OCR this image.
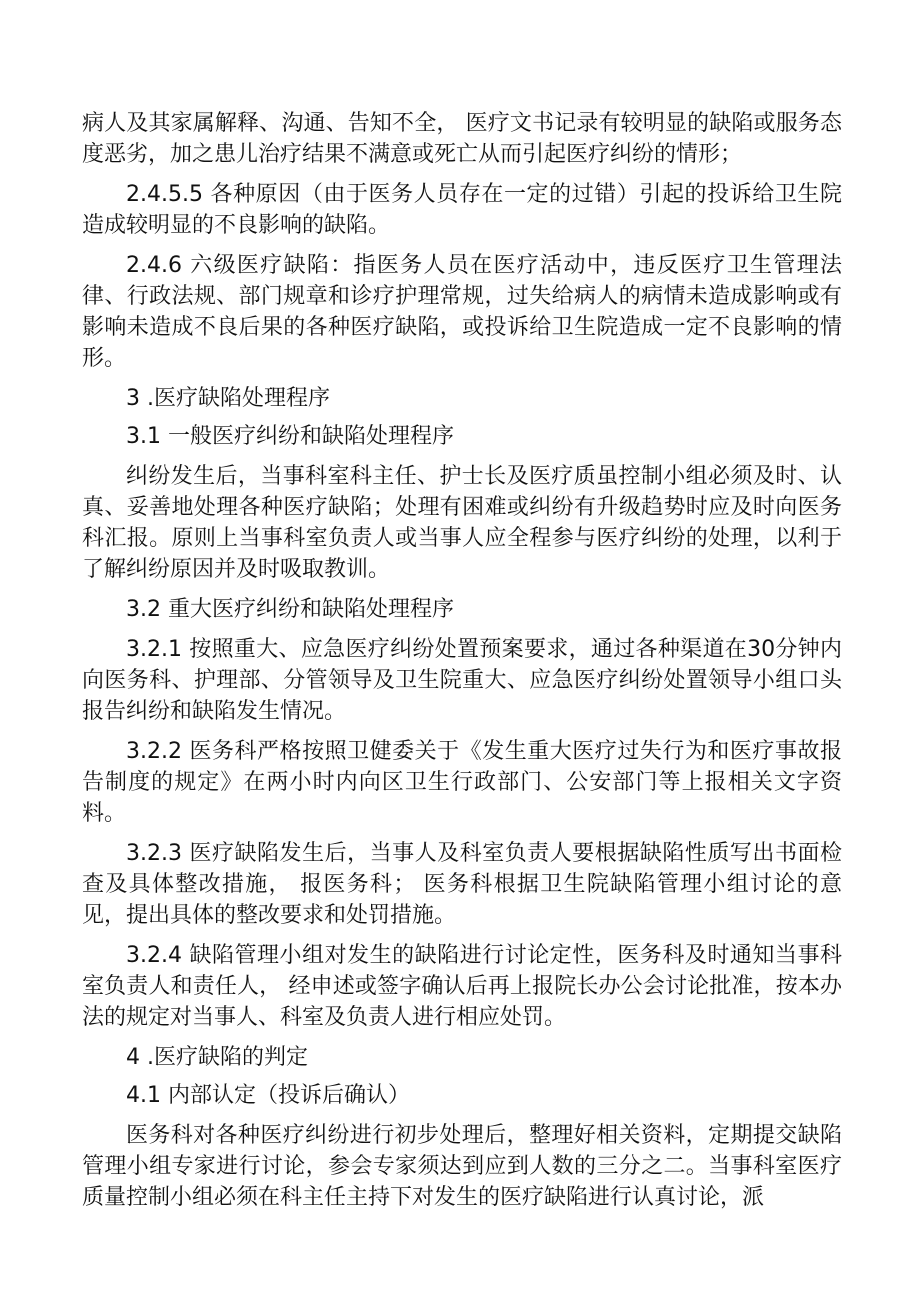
病人及其家属解释、沟通、告知不全， 医疗文书记录有较明显的缺陷或服务态度恶劣，加之患儿治疗结果不满意或死亡从而引起医疗纠纷的情形；

2.4.5.5 各种原因（由于医务人员存在一定的过错）引起的投诉给卫生院造成较明显的不良影响的缺陷。

2.4.6 六级医疗缺陷：指医务人员在医疗活动中，违反医疗卫生管理法律、行政法规、部门规章和诊疗护理常规，过失给病人的病情未造成影响或有影响未造成不良后果的各种医疗缺陷，或投诉给卫生院造成一定不良影响的情形。

3 .医疗缺陷处理程序

3.1 一般医疗纠纷和缺陷处理程序

纠纷发生后，当事科室科主任、护士长及医疗质虽控制小组必须及时、认真、妥善地处理各种医疗缺陷；处理有困难或纠纷有升级趋势时应及时向医务科汇报。原则上当事科室负责人或当事人应全程参与医疗纠纷的处理，以利于了解纠纷原因并及时吸取教训。

3.2 重大医疗纠纷和缺陷处理程序

3.2.1 按照重大、应急医疗纠纷处置预案要求，通过各种渠道在30分钟内向医务科、护理部、分管领导及卫生院重大、应急医疗纠纷处置领导小组口头报告纠纷和缺陷发生情况。

3.2.2 医务科严格按照卫健委关于《发生重大医疗过失行为和医疗事故报告制度的规定》在两小时内向区卫生行政部门、公安部门等上报相关文字资料。

3.2.3 医疗缺陷发生后，当事人及科室负责人要根据缺陷性质写出书面检查及具体整改措施， 报医务科； 医务科根据卫生院缺陷管理小组讨论的意见，提出具体的整改要求和处罚措施。

3.2.4 缺陷管理小组对发生的缺陷进行讨论定性，医务科及时通知当事科室负责人和责任人， 经申述或签字确认后再上报院长办公会讨论批准，按本办法的规定对当事人、科室及负责人进行相应处罚。

4 .医疗缺陷的判定

4.1 内部认定（投诉后确认）

医务科对各种医疗纠纷进行初步处理后，整理好相关资料，定期提交缺陷管理小组专家进行讨论，参会专家须达到应到人数的三分之二。当事科室医疗质量控制小组必须在科主任主持下对发生的医疗缺陷进行认真讨论，派
